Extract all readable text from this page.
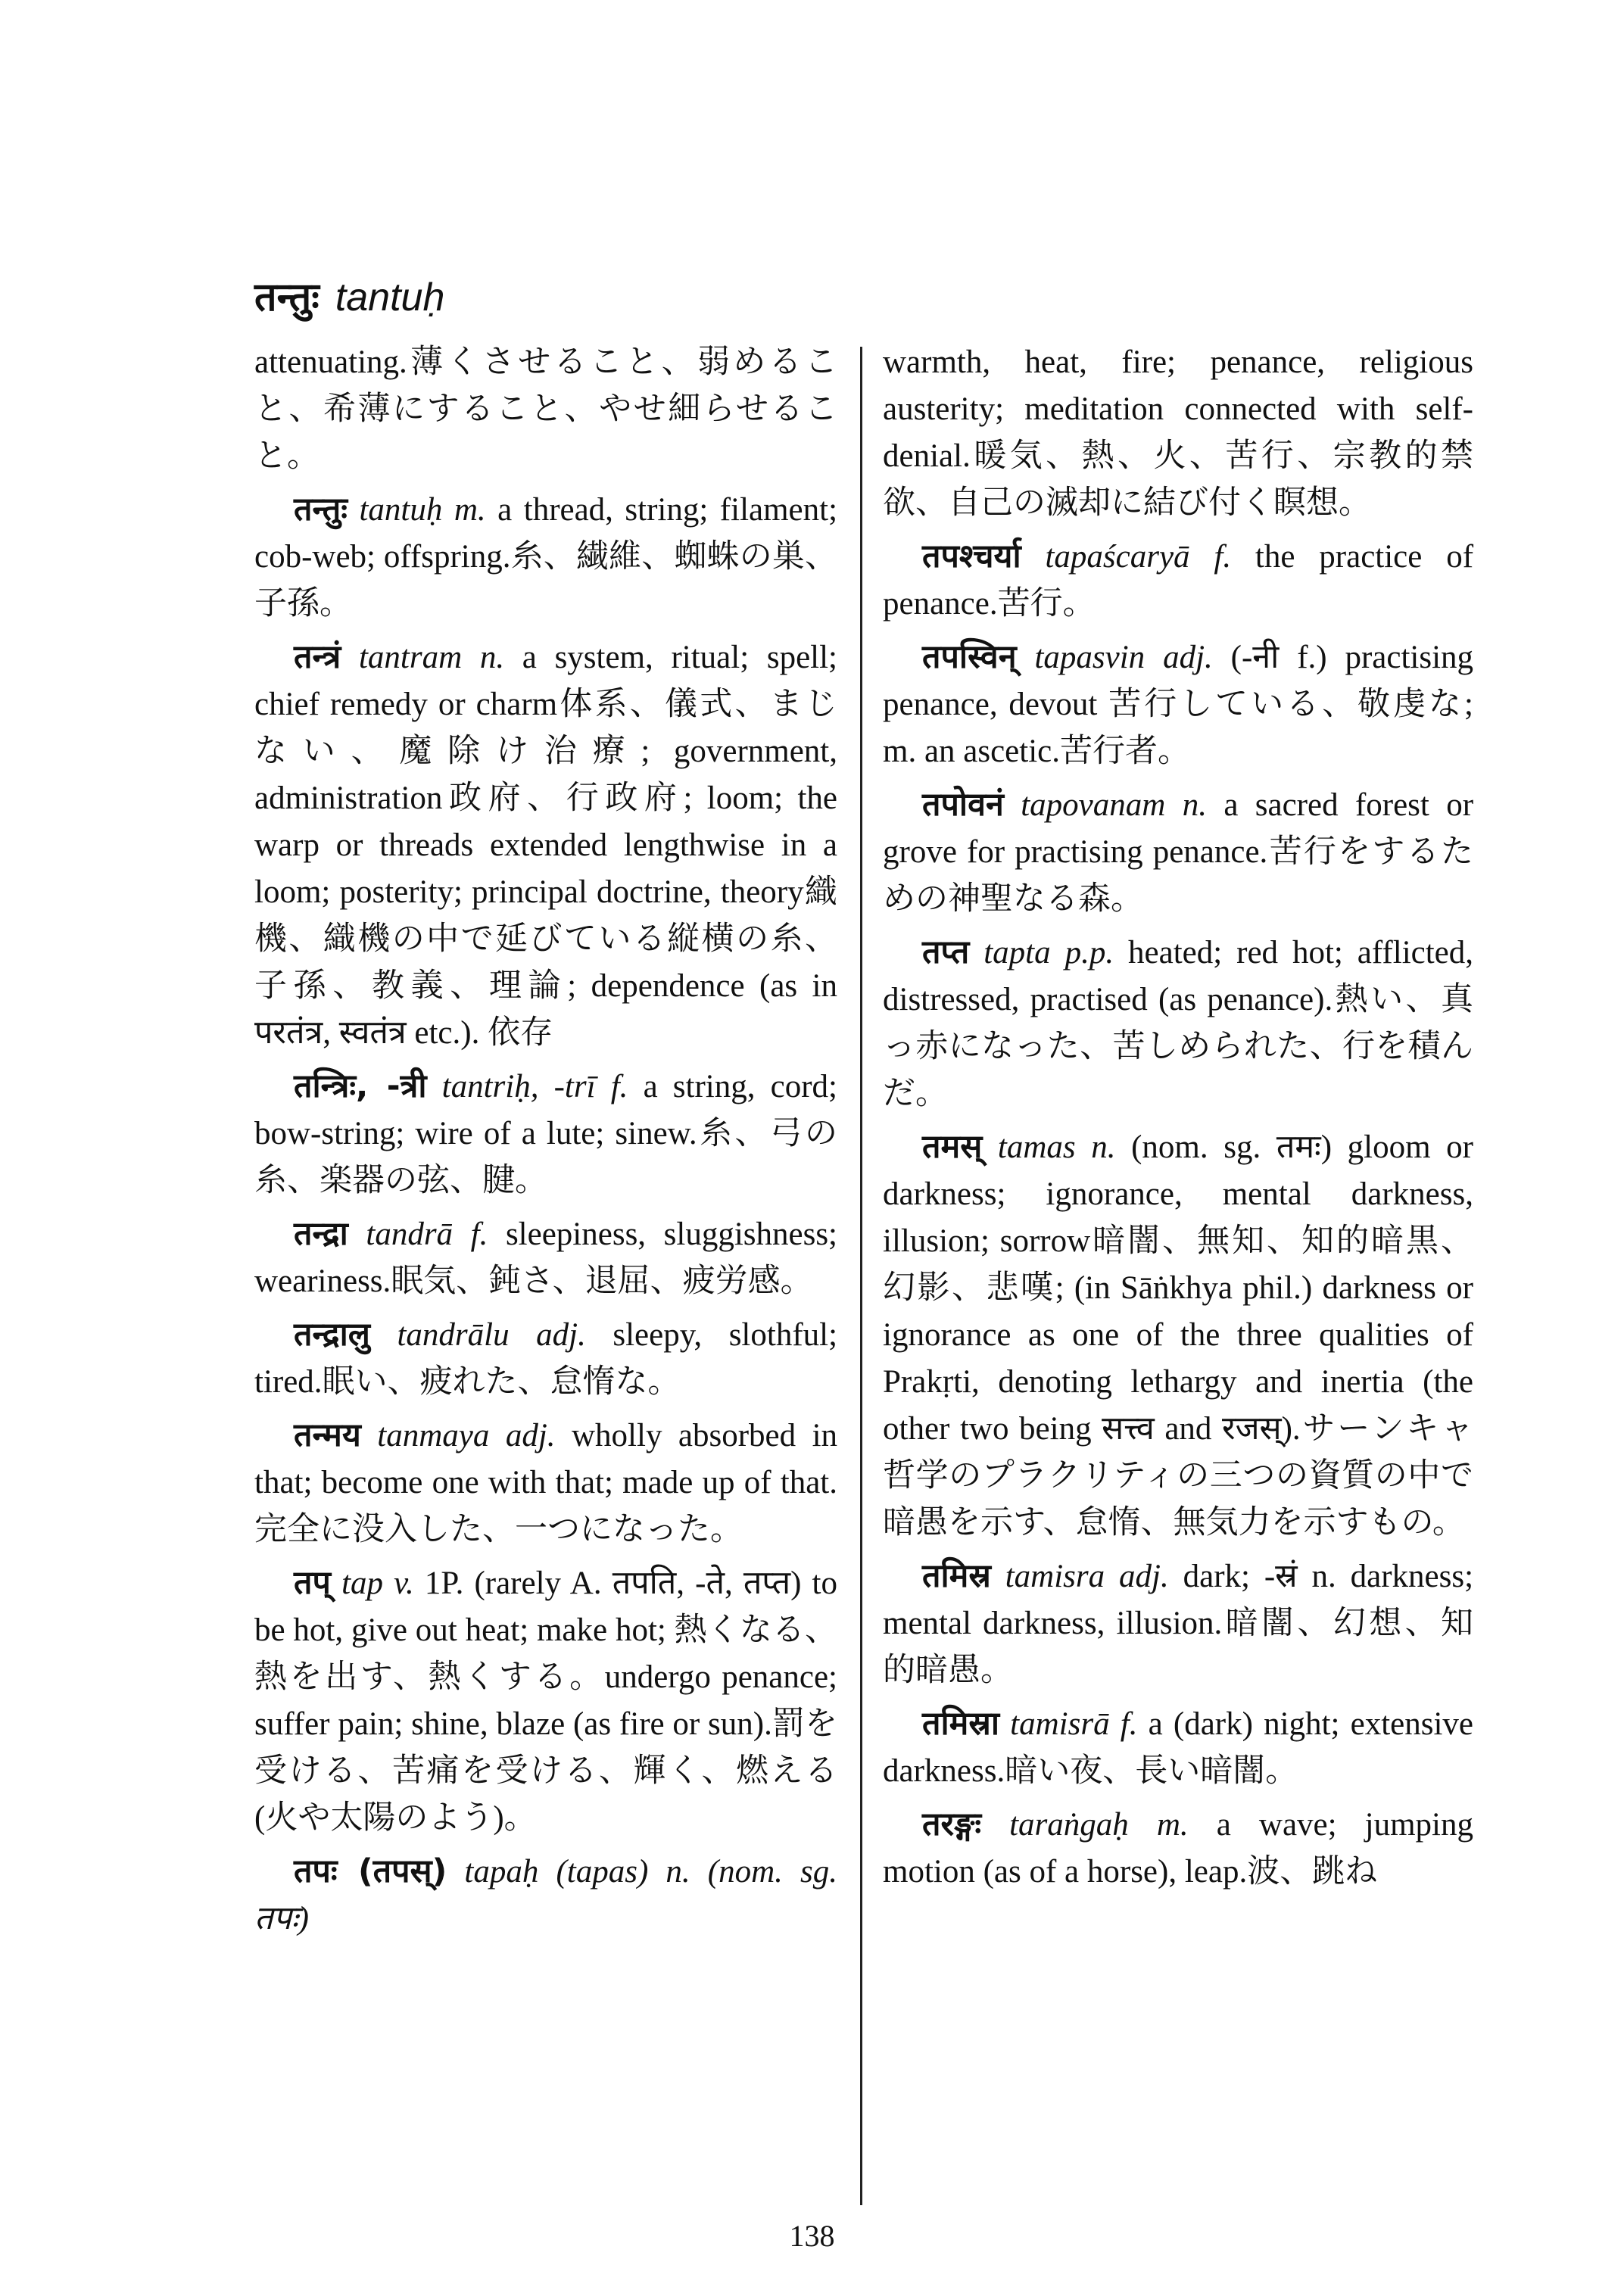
तन्तुः tantuḥ

attenuating.薄くさせること、弱めること、希薄にすること、やせ細らせること。

तन्तुः tantuḥ m. a thread, string; filament; cob-web; offspring.糸、繊維、蜘蛛の巣、子孫。

तन्त्रं tantram n. a system, ritual; spell; chief remedy or charm体系、儀式、まじない、魔除け治療; government, administration政府、行政府; loom; the warp or threads extended lengthwise in a loom; posterity; principal doctrine, theory織機、織機の中で延びている縦横の糸、子孫、教義、理論; dependence (as in परतंत्र, स्वतंत्र etc.). 依存

तन्त्रिः, -त्री tantriḥ, -trī f. a string, cord; bow-string; wire of a lute; sinew.糸、弓の糸、楽器の弦、腱。

तन्द्रा tandrā f. sleepiness, sluggishness; weariness.眠気、鈍さ、退屈、疲労感。

तन्द्रालु tandrālu adj. sleepy, slothful; tired.眠い、疲れた、怠惰な。

तन्मय tanmaya adj. wholly absorbed in that; become one with that; made up of that.完全に没入した、一つになった。

तप् tap v. 1P. (rarely A. तपति, -ते, तप्त) to be hot, give out heat; make hot; 熱くなる、熱を出す、熱くする。undergo penance; suffer pain; shine, blaze (as fire or sun).罰を受ける、苦痛を受ける、輝く、燃える(火や太陽のよう)。

तपः (तपस्) tapaḥ (tapas) n. (nom. sg. तपः)

warmth, heat, fire; penance, religious austerity; meditation connected with self-denial.暖気、熱、火、苦行、宗教的禁欲、自己の滅却に結び付く瞑想。

तपश्चर्या tapaścaryā f. the practice of penance.苦行。

तपस्विन् tapasvin adj. (-नी f.) practising penance, devout 苦行している、敬虔な; m. an ascetic.苦行者。

तपोवनं tapovanam n. a sacred forest or grove for practising penance.苦行をするための神聖なる森。

तप्त tapta p.p. heated; red hot; afflicted, distressed, practised (as penance).熱い、真っ赤になった、苦しめられた、行を積んだ。

तमस् tamas n. (nom. sg. तमः) gloom or darkness; ignorance, mental darkness, illusion; sorrow暗闇、無知、知的暗黒、幻影、悲嘆; (in Sāṅkhya phil.) darkness or ignorance as one of the three qualities of Prakṛti, denoting lethargy and inertia (the other two being सत्त्व and रजस्).サーンキャ哲学のプラクリティの三つの資質の中で暗愚を示す、怠惰、無気力を示すもの。

तमिस्र tamisra adj. dark; -स्रं n. darkness; mental darkness, illusion.暗闇、幻想、知的暗愚。

तमिस्रा tamisrā f. a (dark) night; extensive darkness.暗い夜、長い暗闇。

तरङ्गः taraṅgaḥ m. a wave; jumping motion (as of a horse), leap.波、跳ね

138
